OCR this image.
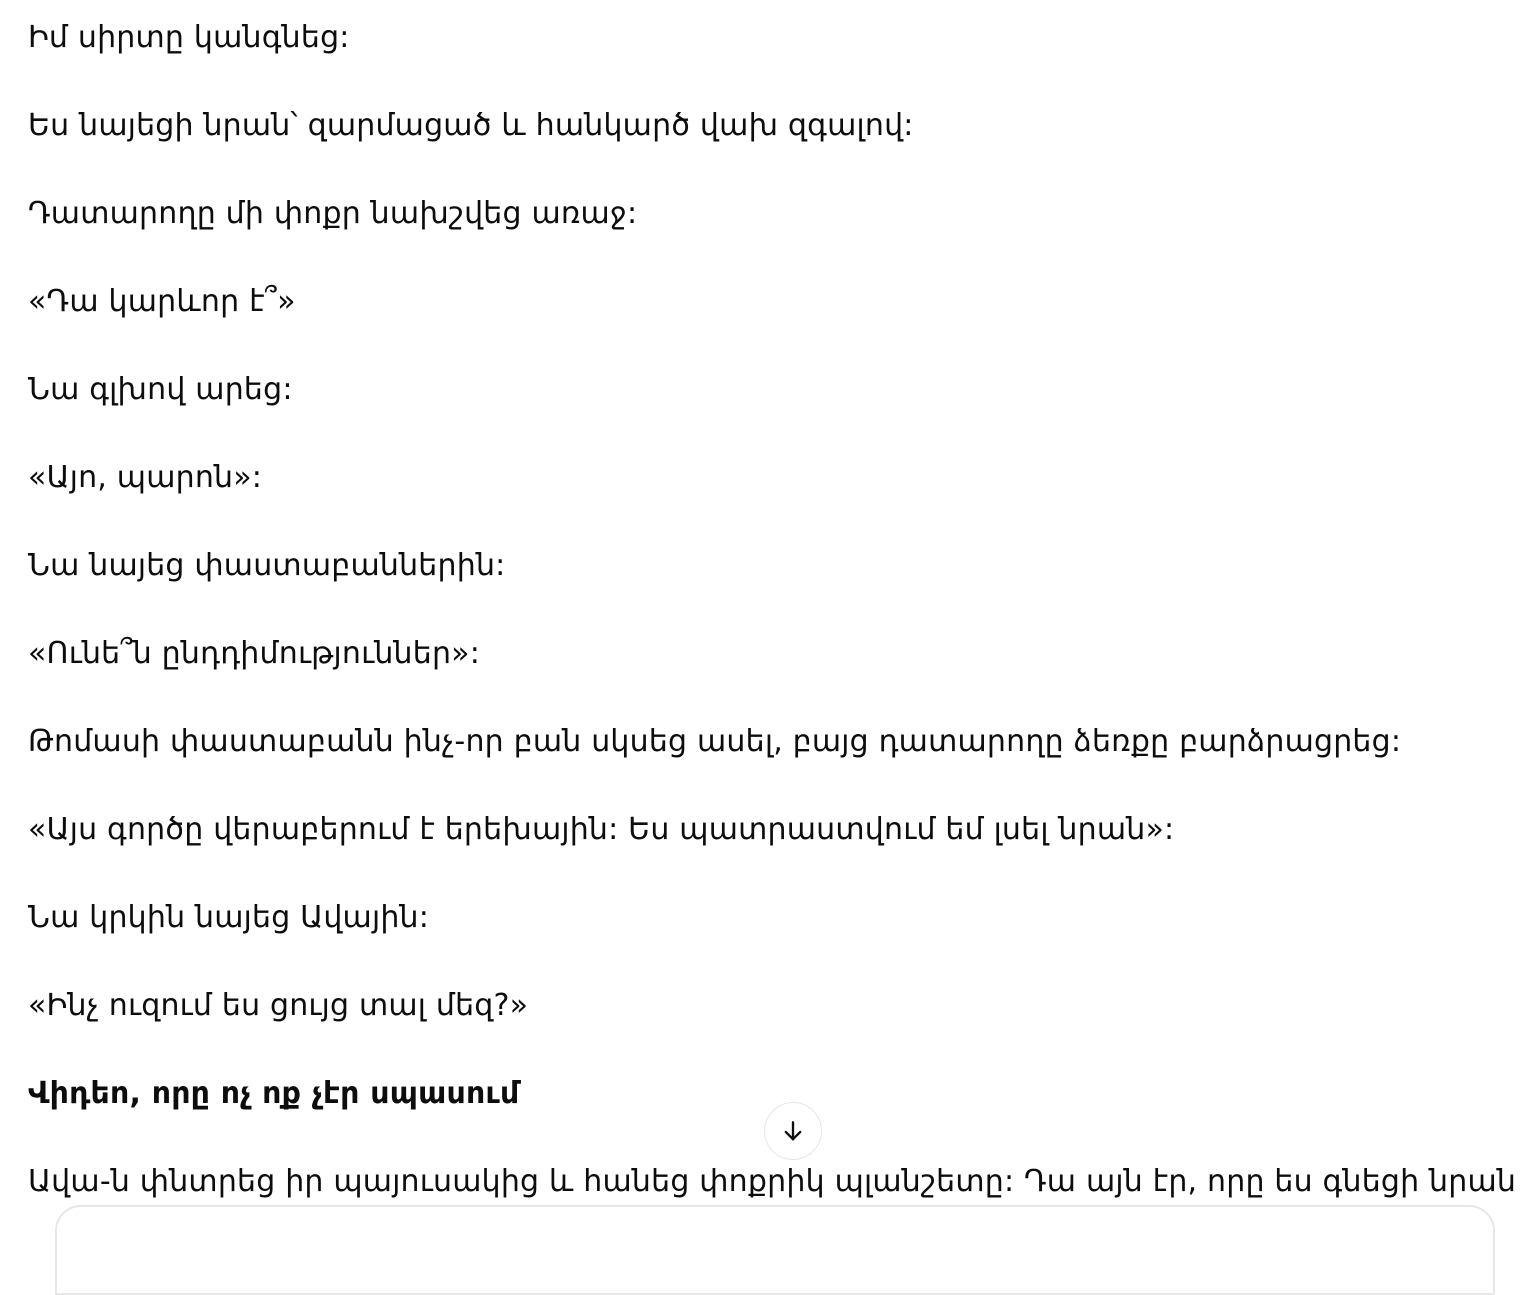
Իմ սիրտը կանգնեց:

Ես նայեցի նրան՝ զարմացած և հանկարծ վախ զգալով:

Դատարողը մի փոքր նախշվեց առաջ:

«Դա կարևոր է՞»

Նա գլխով արեց:

«Այո, պարոն»:

Նա նայեց փաստաբաններին:

«Ունե՞ն ընդդիմություններ»:

Թոմասի փաստաբանն ինչ-որ բան սկսեց ասել, բայց դատարողը ձեռքը բարձրացրեց:

«Այս գործը վերաբերում է երեխային: Ես պատրաստվում եմ լսել նրան»:

Նա կրկին նայեց Ավային:

«Ինչ ուզում ես ցույց տալ մեզ?»

Վիդեո, որը ոչ ոք չէր սպասում

Ավա-ն փնտրեց իր պայուսակից և հանեց փոքրիկ պլանշետը: Դա այն էր, որը ես գնեցի նրան
